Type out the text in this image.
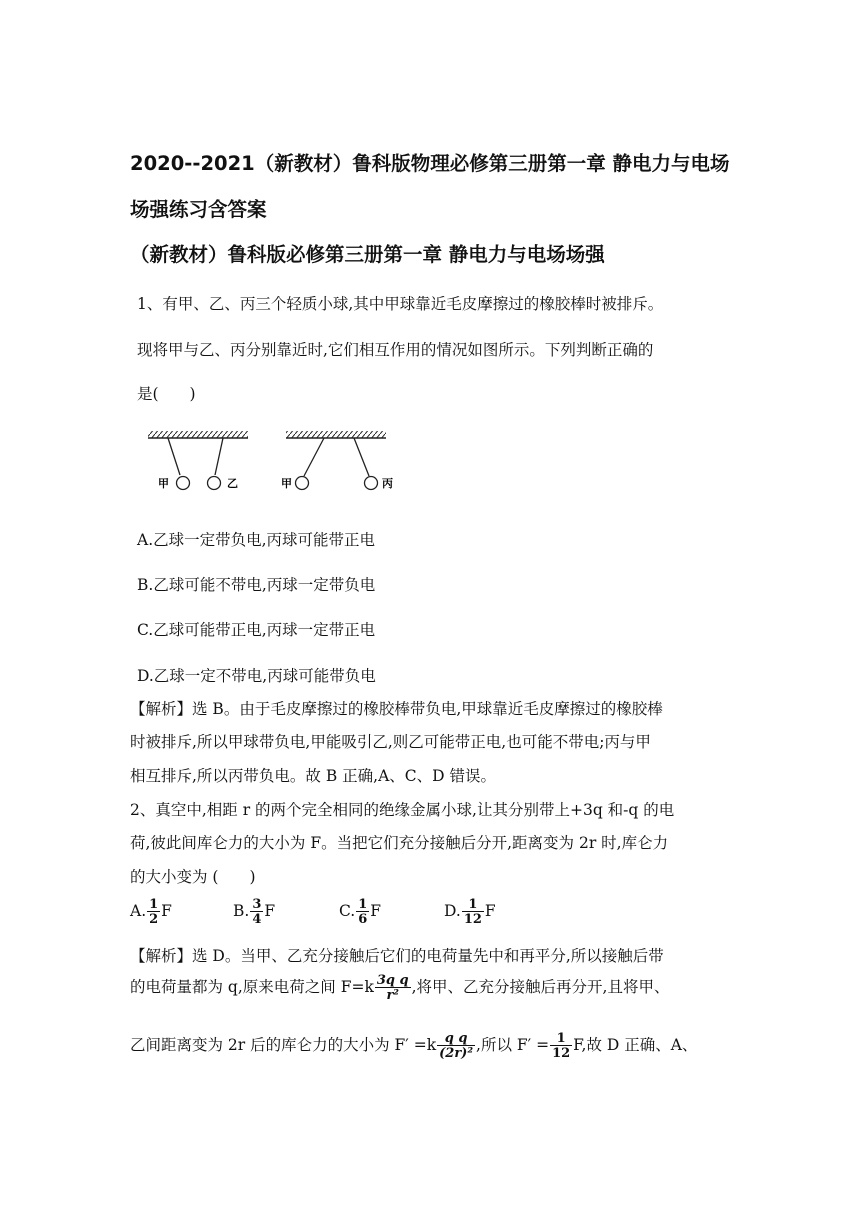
2020--2021（新教材）鲁科版物理必修第三册第一章 静电力与电场
场强练习含答案
（新教材）鲁科版必修第三册第一章 静电力与电场场强
1、有甲、乙、丙三个轻质小球,其中甲球靠近毛皮摩擦过的橡胶棒时被排斥。
现将甲与乙、丙分别靠近时,它们相互作用的情况如图所示。下列判断正确的
是(　　)
甲	乙	甲	丙
A.乙球一定带负电,丙球可能带正电
B.乙球可能不带电,丙球一定带负电
C.乙球可能带正电,丙球一定带正电
D.乙球一定不带电,丙球可能带负电
【解析】选 B。由于毛皮摩擦过的橡胶棒带负电,甲球靠近毛皮摩擦过的橡胶棒
时被排斥,所以甲球带负电,甲能吸引乙,则乙可能带正电,也可能不带电;丙与甲
相互排斥,所以丙带负电。故 B 正确,A、C、D 错误。
2、真空中,相距 r 的两个完全相同的绝缘金属小球,让其分别带上+3q 和-q 的电
荷,彼此间库仑力的大小为 F。当把它们充分接触后分开,距离变为 2r 时,库仑力
的大小变为 (　　)
A. $\frac{1}{2}$ F	B. $\frac{3}{4}$ F	C. $\frac{1}{6}$ F	D. $\frac{1}{12}$ F
【解析】选 D。当甲、乙充分接触后它们的电荷量先中和再平分,所以接触后带
的电荷量都为 q,原来电荷之间 $F=k \frac{\text{3q q}}{\text{r²}}$ ,将甲、乙充分接触后再分开,且将甲、

乙间距离变为 2r 后的库仑力的大小为 $F' =k \frac{\text{q q}}{\text{(2r)²}}$ ,所以 $F' = \frac{1}{12} F$,故 D 正确、A、
